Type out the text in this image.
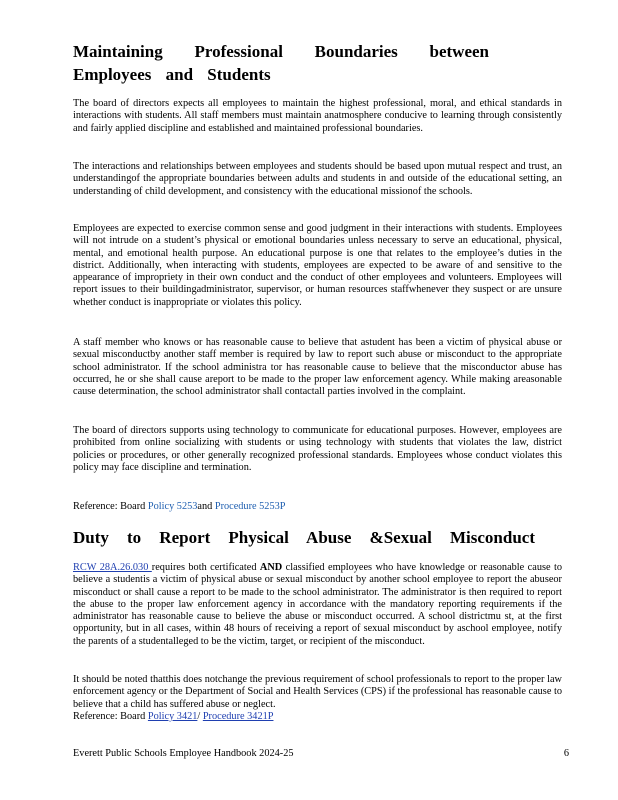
Maintaining Professional Boundaries between
Employees and Students

The board of directors expects all employees to maintain the highest professional, moral, and ethical standards in interactions with students. All staff members must maintain anatmosphere conducive to learning through consistently and fairly applied discipline and established and maintained professional boundaries.

The interactions and relationships between employees and students should be based upon mutual respect and trust, an understandingof the appropriate boundaries between adults and students in and outside of the educational setting, an understanding of child development, and consistency with the educational missionof the schools.

Employees are expected to exercise common sense and good judgment in their interactions with students. Employees will not intrude on a student’s physical or emotional boundaries unless necessary to serve an educational, physical, mental, and emotional health purpose. An educational purpose is one that relates to the employee’s duties in the district. Additionally, when interacting with students, employees are expected to be aware of and sensitive to the appearance of impropriety in their own conduct and the conduct of other employees and volunteers. Employees will report issues to their buildingadministrator, supervisor, or human resources staffwhenever they suspect or are unsure whether conduct is inappropriate or violates this policy.

A staff member who knows or has reasonable cause to believe that astudent has been a victim of physical abuse or sexual misconductby another staff member is required by law to report such abuse or misconduct to the appropriate school administrator. If the school administra tor has reasonable cause to believe that the misconductor abuse has occurred, he or she shall cause areport to be made to the proper law enforcement agency. While making areasonable cause determination, the school administrator shall contactall parties involved in the complaint.

The board of directors supports using technology to communicate for educational purposes. However, employees are prohibited from online socializing with students or using technology with students that violates the law, district policies or procedures, or other generally recognized professional standards. Employees whose conduct violates this policy may face discipline and termination.

Reference: Board Policy 5253and Procedure 5253P

Duty to Report Physical Abuse &Sexual Misconduct

RCW 28A.26.030 requires both certificated AND classified employees who have knowledge or reasonable cause to believe a studentis a victim of physical abuse or sexual misconduct by another school employee to report the abuseor misconduct or shall cause a report to be made to the school administrator. The administrator is then required to report the abuse to the proper law enforcement agency in accordance with the mandatory reporting requirements if the administrator has reasonable cause to believe the abuse or misconduct occurred. A school districtmu st, at the first opportunity, but in all cases, within 48 hours of receiving a report of sexual misconduct by aschool employee, notify the parents of a studentalleged to be the victim, target, or recipient of the misconduct.

It should be noted thatthis does notchange the previous requirement of school professionals to report to the proper law enforcement agency or the Department of Social and Health Services (CPS) if the professional has reasonable cause to believe that a child has suffered abuse or neglect.
Reference: Board Policy 3421/ Procedure 3421P

Everett Public Schools Employee Handbook 2024-25	6
